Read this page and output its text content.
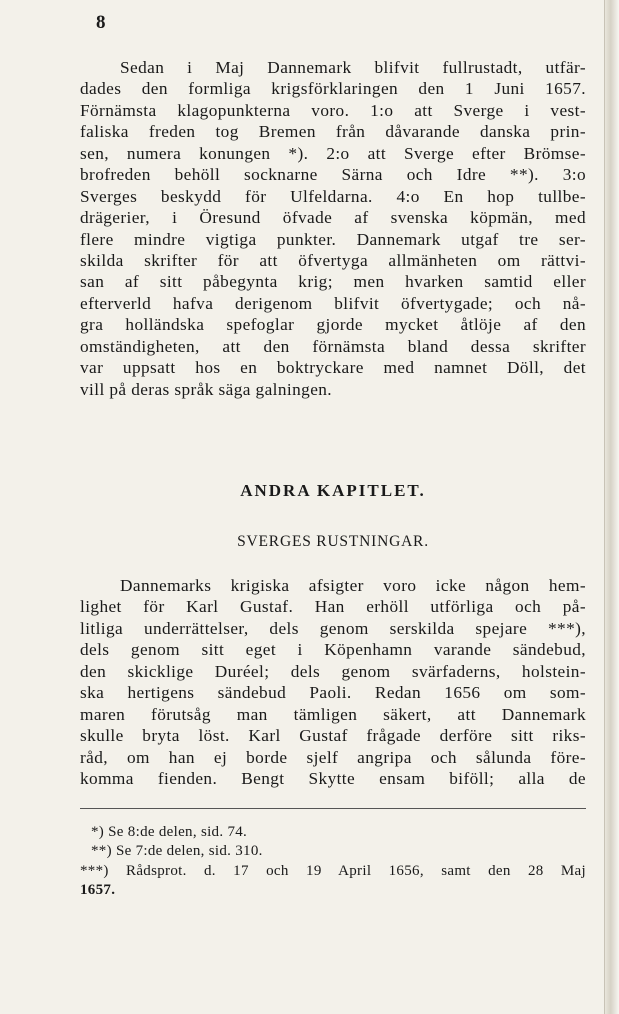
8
Sedan i Maj Dannemark blifvit fullrustadt, utfär-
dades den formliga krigsförklaringen den 1 Juni 1657.
Förnämsta klagopunkterna voro. 1:o att Sverge i vest-
faliska freden tog Bremen från dåvarande danska prin-
sen, numera konungen *). 2:o att Sverge efter Brömse-
brofreden behöll socknarne Särna och Idre **). 3:o
Sverges beskydd för Ulfeldarna. 4:o En hop tullbe-
drägerier, i Öresund öfvade af svenska köpmän, med
flere mindre vigtiga punkter. Dannemark utgaf tre ser-
skilda skrifter för att öfvertyga allmänheten om rättvi-
san af sitt påbegynta krig; men hvarken samtid eller
efterverld hafva derigenom blifvit öfvertygade; och nå-
gra holländska spefoglar gjorde mycket åtlöje af den
omständigheten, att den förnämsta bland dessa skrifter
var uppsatt hos en boktryckare med namnet Döll, det
vill på deras språk säga galningen.
ANDRA KAPITLET.
SVERGES RUSTNINGAR.
Dannemarks krigiska afsigter voro icke någon hem-
lighet för Karl Gustaf. Han erhöll utförliga och på-
litliga underrättelser, dels genom serskilda spejare ***),
dels genom sitt eget i Köpenhamn varande sändebud,
den skicklige Duréel; dels genom svärfaderns, holstein-
ska hertigens sändebud Paoli. Redan 1656 om som-
maren förutsåg man tämligen säkert, att Dannemark
skulle bryta löst. Karl Gustaf frågade derföre sitt riks-
råd, om han ej borde sjelf angripa och sålunda före-
komma fienden. Bengt Skytte ensam biföll; alla de
*) Se 8:de delen, sid. 74.
**) Se 7:de delen, sid. 310.
***) Rådsprot. d. 17 och 19 April 1656, samt den 28 Maj
1657.
